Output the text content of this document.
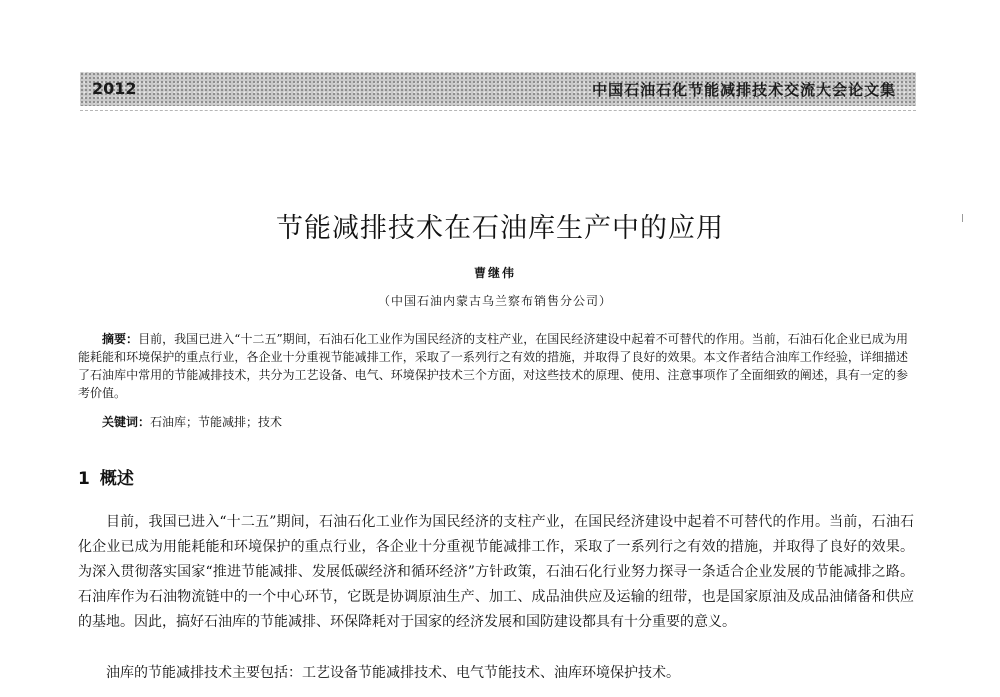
2012	中国石油石化节能减排技术交流大会论文集
节能减排技术在石油库生产中的应用
曹继伟
（中国石油内蒙古乌兰察布销售分公司）

摘要：目前，我国已进入“十二五”期间，石油石化工业作为国民经济的支柱产业，在国民经济建设中起着不可替代的作用。当前，石油石化企业已成为用能耗能和环境保护的重点行业，各企业十分重视节能减排工作，采取了一系列行之有效的措施，并取得了良好的效果。本文作者结合油库工作经验，详细描述了石油库中常用的节能减排技术，共分为工艺设备、电气、环境保护技术三个方面，对这些技术的原理、使用、注意事项作了全面细致的阐述，具有一定的参考价值。

关键词：石油库；节能减排；技术

1 概述

目前，我国已进入“十二五”期间，石油石化工业作为国民经济的支柱产业，在国民经济建设中起着不可替代的作用。当前，石油石化企业已成为用能耗能和环境保护的重点行业，各企业十分重视节能减排工作，采取了一系列行之有效的措施，并取得了良好的效果。为深入贯彻落实国家“推进节能减排、发展低碳经济和循环经济”方针政策，石油石化行业努力探寻一条适合企业发展的节能减排之路。石油库作为石油物流链中的一个中心环节，它既是协调原油生产、加工、成品油供应及运输的纽带，也是国家原油及成品油储备和供应的基地。因此，搞好石油库的节能减排、环保降耗对于国家的经济发展和国防建设都具有十分重要的意义。

油库的节能减排技术主要包括：工艺设备节能减排技术、电气节能技术、油库环境保护技术。
